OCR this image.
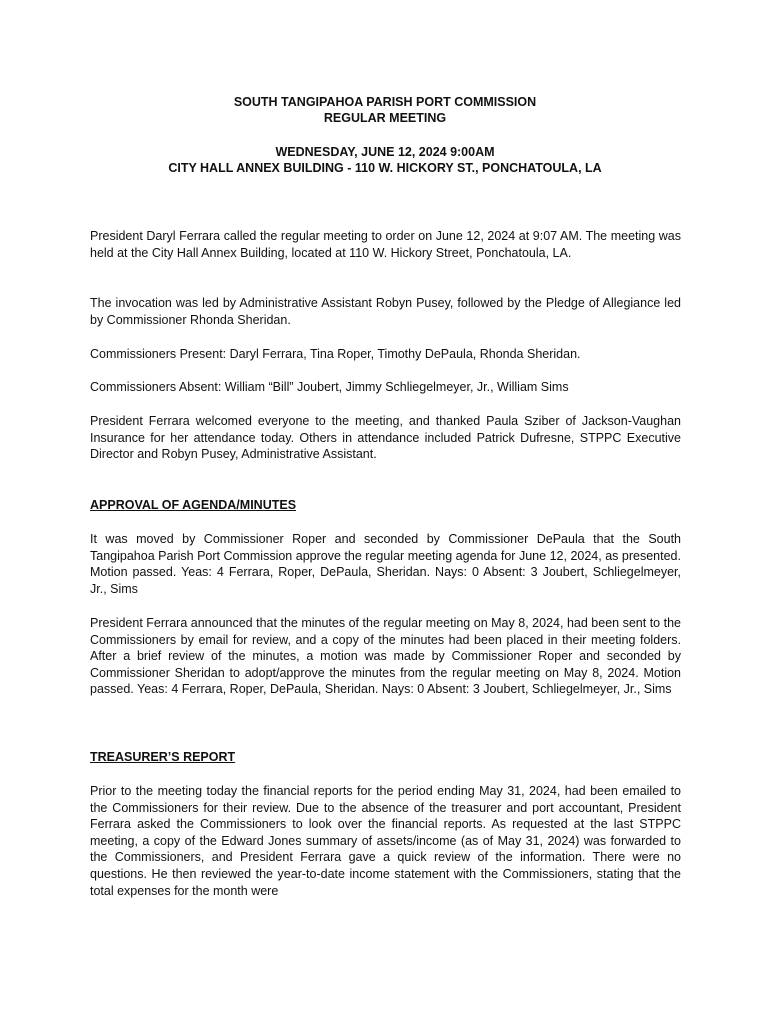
SOUTH TANGIPAHOA PARISH PORT COMMISSION

REGULAR MEETING

WEDNESDAY, JUNE 12, 2024 9:00AM

CITY HALL ANNEX BUILDING - 110 W. HICKORY ST., PONCHATOULA, LA

President Daryl Ferrara called the regular meeting to order on June 12, 2024 at 9:07 AM. The meeting was held at the City Hall Annex Building, located at 110 W. Hickory Street, Ponchatoula, LA.

The invocation was led by Administrative Assistant Robyn Pusey, followed by the Pledge of Allegiance led by Commissioner Rhonda Sheridan.

Commissioners Present: Daryl Ferrara, Tina Roper, Timothy DePaula, Rhonda Sheridan.

Commissioners Absent: William “Bill” Joubert, Jimmy Schliegelmeyer, Jr., William Sims

President Ferrara welcomed everyone to the meeting, and thanked Paula Sziber of Jackson-Vaughan Insurance for her attendance today. Others in attendance included Patrick Dufresne, STPPC Executive Director and Robyn Pusey, Administrative Assistant.

APPROVAL OF AGENDA/MINUTES

It was moved by Commissioner Roper and seconded by Commissioner DePaula that the South Tangipahoa Parish Port Commission approve the regular meeting agenda for June 12, 2024, as presented. Motion passed. Yeas: 4 Ferrara, Roper, DePaula, Sheridan. Nays: 0 Absent: 3 Joubert, Schliegelmeyer, Jr., Sims

President Ferrara announced that the minutes of the regular meeting on May 8, 2024, had been sent to the Commissioners by email for review, and a copy of the minutes had been placed in their meeting folders. After a brief review of the minutes, a motion was made by Commissioner Roper and seconded by Commissioner Sheridan to adopt/approve the minutes from the regular meeting on May 8, 2024. Motion passed. Yeas: 4 Ferrara, Roper, DePaula, Sheridan. Nays: 0 Absent: 3 Joubert, Schliegelmeyer, Jr., Sims

TREASURER’S REPORT

Prior to the meeting today the financial reports for the period ending May 31, 2024, had been emailed to the Commissioners for their review. Due to the absence of the treasurer and port accountant, President Ferrara asked the Commissioners to look over the financial reports. As requested at the last STPPC meeting, a copy of the Edward Jones summary of assets/income (as of May 31, 2024) was forwarded to the Commissioners, and President Ferrara gave a quick review of the information. There were no questions. He then reviewed the year-to-date income statement with the Commissioners, stating that the total expenses for the month were
